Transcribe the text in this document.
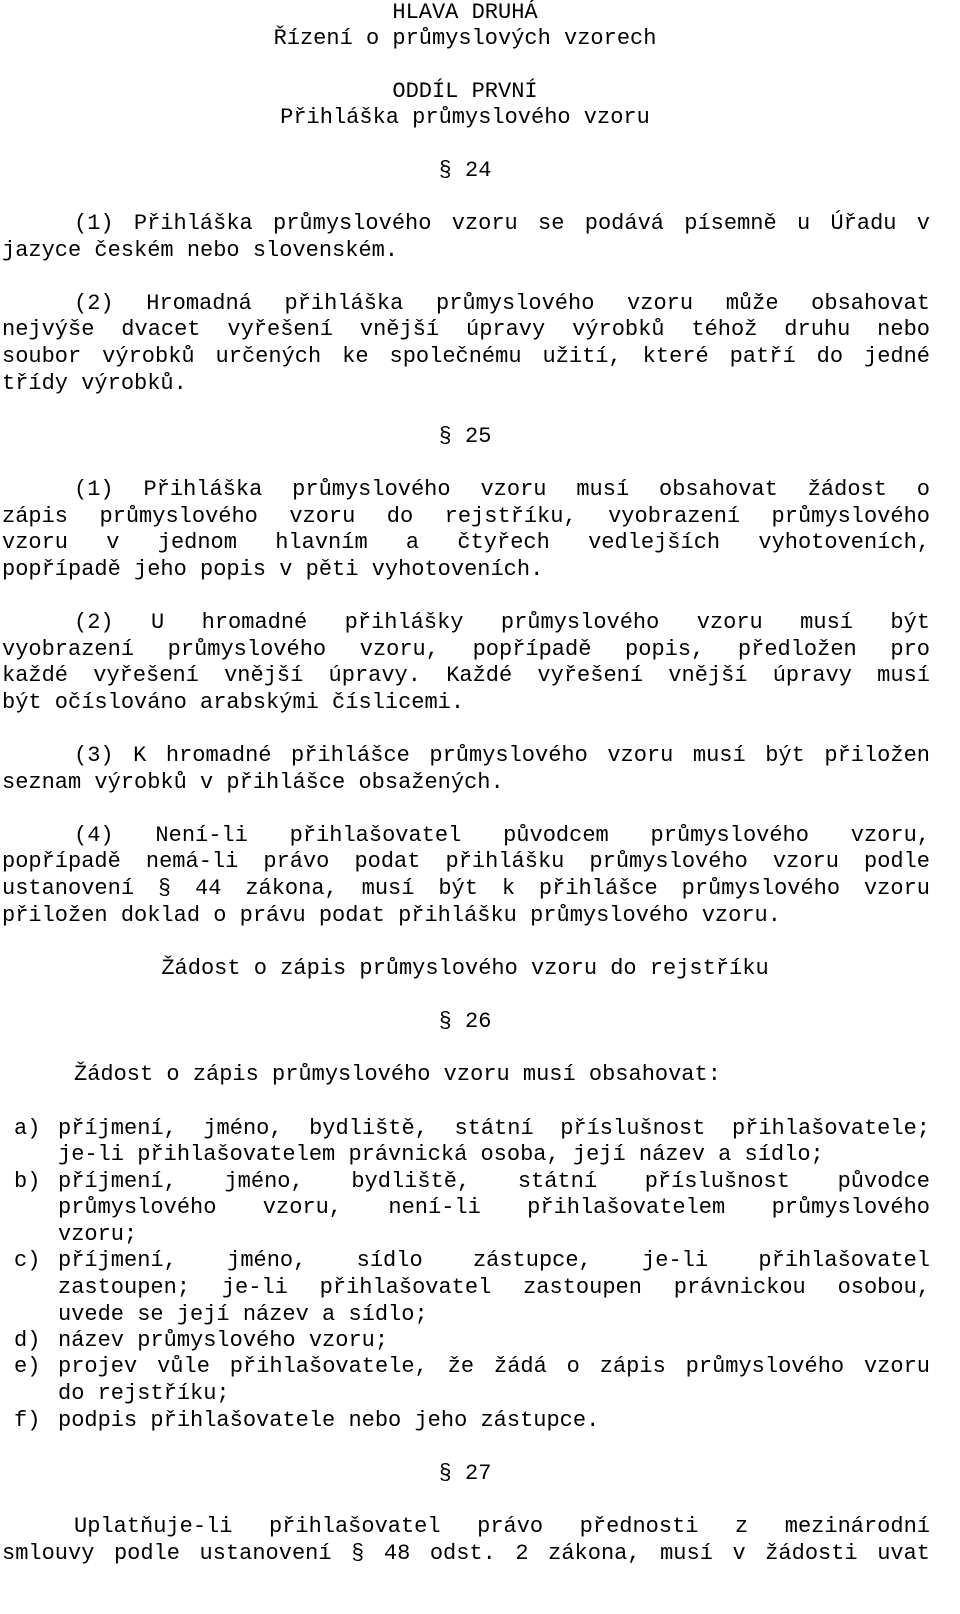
HLAVA DRUHÁ
Řízení o průmyslových vzorech
ODDÍL PRVNÍ
Přihláška průmyslového vzoru
§ 24
(1) Přihláška průmyslového vzoru se podává písemně u Úřadu v
jazyce českém nebo slovenském.
(2) Hromadná přihláška průmyslového vzoru může obsahovat
nejvýše dvacet vyřešení vnější úpravy výrobků téhož druhu nebo
soubor výrobků určených ke společnému užití, které patří do jedné
třídy výrobků.
§ 25
(1) Přihláška průmyslového vzoru musí obsahovat žádost o
zápis průmyslového vzoru do rejstříku, vyobrazení průmyslového
vzoru v jednom hlavním a čtyřech vedlejších vyhotoveních,
popřípadě jeho popis v pěti vyhotoveních.
(2) U hromadné přihlášky průmyslového vzoru musí být
vyobrazení průmyslového vzoru, popřípadě popis, předložen pro
každé vyřešení vnější úpravy. Každé vyřešení vnější úpravy musí
být očíslováno arabskými číslicemi.
(3) K hromadné přihlášce průmyslového vzoru musí být přiložen
seznam výrobků v přihlášce obsažených.
(4) Není-li přihlašovatel původcem průmyslového vzoru,
popřípadě nemá-li právo podat přihlášku průmyslového vzoru podle
ustanovení § 44 zákona, musí být k přihlášce průmyslového vzoru
přiložen doklad o právu podat přihlášku průmyslového vzoru.
Žádost o zápis průmyslového vzoru do rejstříku
§ 26
Žádost o zápis průmyslového vzoru musí obsahovat:
a) příjmení, jméno, bydliště, státní příslušnost přihlašovatele;
je-li přihlašovatelem právnická osoba, její název a sídlo;
b) příjmení, jméno, bydliště, státní příslušnost původce
průmyslového vzoru, není-li přihlašovatelem průmyslového
vzoru;
c) příjmení, jméno, sídlo zástupce, je-li přihlašovatel
zastoupen; je-li přihlašovatel zastoupen právnickou osobou,
uvede se její název a sídlo;
d) název průmyslového vzoru;
e) projev vůle přihlašovatele, že žádá o zápis průmyslového vzoru
do rejstříku;
f) podpis přihlašovatele nebo jeho zástupce.
§ 27
Uplatňuje-li přihlašovatel právo přednosti z mezinárodní
smlouvy podle ustanovení § 48 odst. 2 zákona, musí v žádosti uvat
